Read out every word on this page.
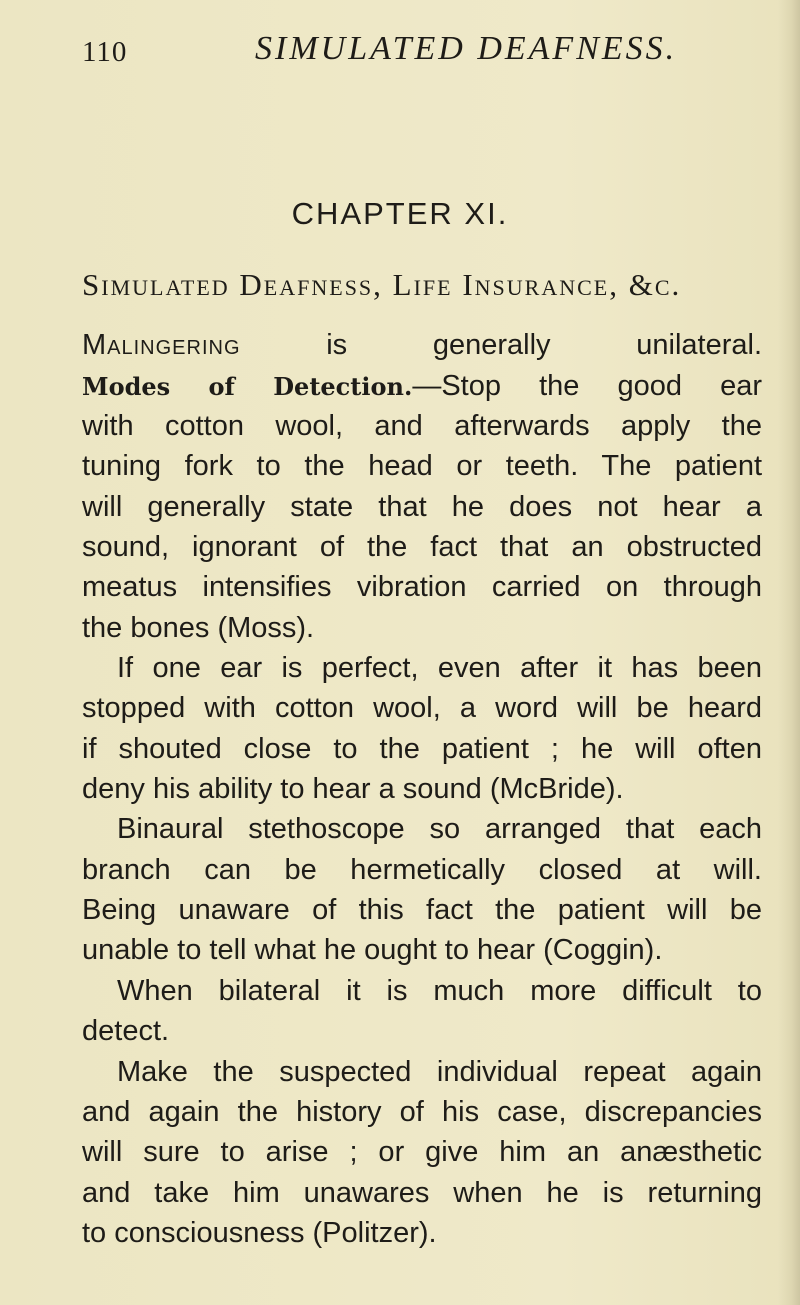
110	SIMULATED DEAFNESS.
CHAPTER XI.
Simulated Deafness, Life Insurance, &c.
Malingering is generally unilateral.
Modes of Detection.—Stop the good ear
with cotton wool, and afterwards apply the
tuning fork to the head or teeth. The patient
will generally state that he does not hear a
sound, ignorant of the fact that an obstructed
meatus intensifies vibration carried on through
the bones (Moss).
If one ear is perfect, even after it has been
stopped with cotton wool, a word will be heard
if shouted close to the patient ; he will often
deny his ability to hear a sound (McBride).
Binaural stethoscope so arranged that each
branch can be hermetically closed at will.
Being unaware of this fact the patient will be
unable to tell what he ought to hear (Coggin).
When bilateral it is much more difficult to
detect.
Make the suspected individual repeat again
and again the history of his case, discrepancies
will sure to arise ; or give him an anæsthetic
and take him unawares when he is returning
to consciousness (Politzer).
